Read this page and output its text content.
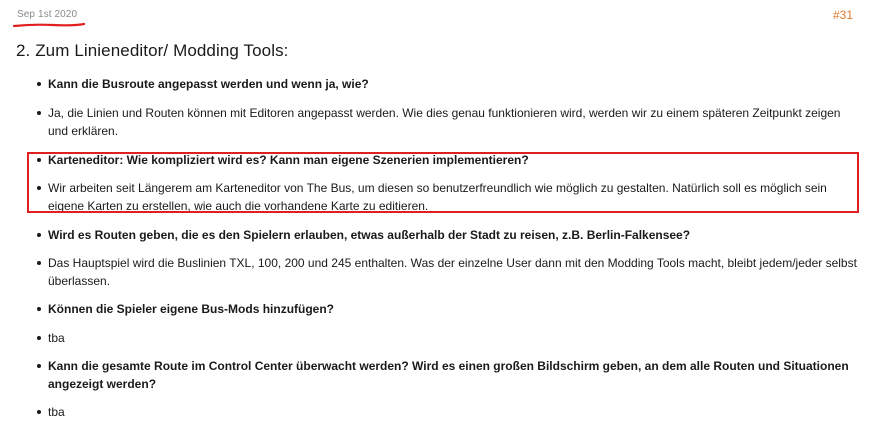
Sep 1st 2020	#31
2. Zum Linieneditor/ Modding Tools:
Kann die Busroute angepasst werden und wenn ja, wie?
Ja, die Linien und Routen können mit Editoren angepasst werden. Wie dies genau funktionieren wird, werden wir zu einem späteren Zeitpunkt zeigen und erklären.
Karteneditor: Wie kompliziert wird es? Kann man eigene Szenerien implementieren?
Wir arbeiten seit Längerem am Karteneditor von The Bus, um diesen so benutzerfreundlich wie möglich zu gestalten. Natürlich soll es möglich sein eigene Karten zu erstellen, wie auch die vorhandene Karte zu editieren.
Wird es Routen geben, die es den Spielern erlauben, etwas außerhalb der Stadt zu reisen, z.B. Berlin-Falkensee?
Das Hauptspiel wird die Buslinien TXL, 100, 200 und 245 enthalten. Was der einzelne User dann mit den Modding Tools macht, bleibt jedem/jeder selbst überlassen.
Können die Spieler eigene Bus-Mods hinzufügen?
tba
Kann die gesamte Route im Control Center überwacht werden? Wird es einen großen Bildschirm geben, an dem alle Routen und Situationen angezeigt werden?
tba
